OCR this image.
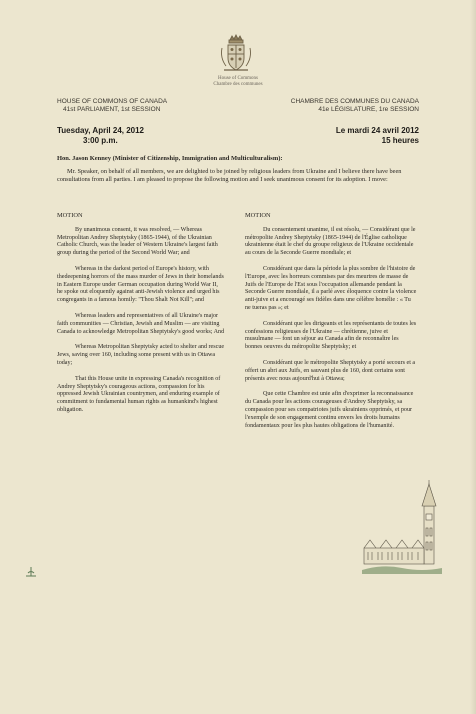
House of Commons
Chambre des communes
HOUSE OF COMMONS OF CANADA
41st PARLIAMENT, 1st SESSION
CHAMBRE DES COMMUNES DU CANADA
41e LÉGISLATURE, 1re SESSION
Tuesday, April 24, 2012
3:00 p.m.
Le mardi 24 avril 2012
15 heures
Hon. Jason Kenney (Minister of Citizenship, Immigration and Multiculturalism):
Mr. Speaker, on behalf of all members, we are delighted to be joined by religious leaders from Ukraine and I believe there have been consultations from all parties. I am pleased to propose the following motion and I seek unanimous consent for its adoption. I move:
MOTION

By unanimous consent, it was resolved, — Whereas Metropolitan Andrey Sheptytsky (1865-1944), of the Ukrainian Catholic Church, was the leader of Western Ukraine's largest faith group during the period of the Second World War; and

Whereas in the darkest period of Europe's history, with thedeepening horrors of the mass murder of Jews in their homelands in Eastern Europe under German occupation during World War II, he spoke out eloquently against anti-Jewish violence and urged his congregants in a famous homily: "Thou Shalt Not Kill"; and

Whereas leaders and representatives of all Ukraine's major faith communities — Christian, Jewish and Muslim — are visiting Canada to acknowledge Metropolitan Sheptytsky's good works; And

Whereas Metropolitan Sheptytsky acted to shelter and rescue Jews, saving over 160, including some present with us in Ottawa today;

That this House unite in expressing Canada's recognition of Andrey Sheptytsky's courageous actions, compassion for his oppressed Jewish Ukrainian countrymen, and enduring example of commitment to fundamental human rights as humankind's highest obligation.

MOTION

Du consentement unanime, il est résolu, — Considérant que le métropolite Andrey Sheptytsky (1865-1944) de l'Église catholique ukrainienne était le chef du groupe religieux de l'Ukraine occidentale au cours de la Seconde Guerre mondiale; et

Considérant que dans la période la plus sombre de l'histoire de l'Europe, avec les horreurs commises par des meurtres de masse de Juifs de l'Europe de l'Est sous l'occupation allemande pendant la Seconde Guerre mondiale, il a parlé avec éloquence contre la violence anti-juive et a encouragé ses fidèles dans une célèbre homélie : « Tu ne tueras pas »; et

Considérant que les dirigeants et les représentants de toutes les confessions religieuses de l'Ukraine — chrétienne, juive et musulmane — font un séjour au Canada afin de reconnaître les bonnes oeuvres du métropolite Sheptytsky; et

Considérant que le métropolite Sheptytsky a porté secours et a offert un abri aux Juifs, en sauvant plus de 160, dont certains sont présents avec nous aujourd'hui à Ottawa;

Que cette Chambre est unie afin d'exprimer la reconnaissance du Canada pour les actions courageuses d'Andrey Sheptytsky, sa compassion pour ses compatriotes juifs ukrainiens opprimés, et pour l'exemple de son engagement continu envers les droits humains fondamentaux pour les plus hautes obligations de l'humanité.
